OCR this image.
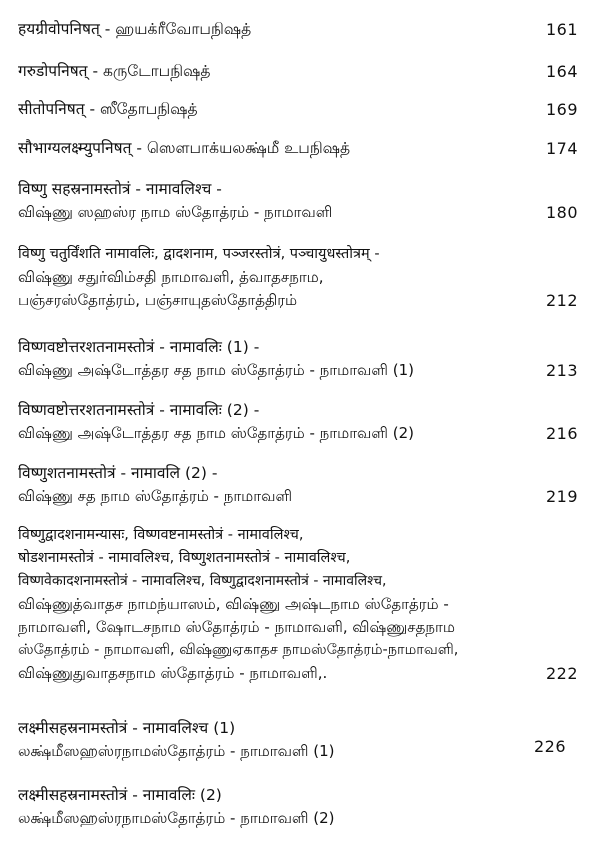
हयग्रीवोपनिषत् - ஹயக்ரீவோபநிஷத்	161
गरुडोपनिषत् - கருடோபநிஷத்	164
सीतोपनिषत् - ஸீதோபநிஷத்	169
सौभाग्यलक्ष्म्युपनिषत् - ஸௌபாக்யலக்ஷ்மீ உபநிஷத்	174
विष्णु सहस्रनामस्तोत्रं - नामावलिश्च -
விஷ்ணு ஸஹஸ்ர நாம ஸ்தோத்ரம் - நாமாவளி	180
विष्णु चतुर्विंशति नामावलिः, द्वादशनाम, पञ्जरस्तोत्रं, पञ्चायुधस्तोत्रम् -
விஷ்ணு சதுர்விம்சதி நாமாவளி, த்வாதசநாம,
பஞ்சரஸ்தோத்ரம், பஞ்சாயுதஸ்தோத்திரம்	212
विष्णवष्टोत्तरशतनामस्तोत्रं - नामावलिः (1) -
விஷ்ணு அஷ்டோத்தர சத நாம ஸ்தோத்ரம் - நாமாவளி (1)	213
विष्णवष्टोत्तरशतनामस्तोत्रं - नामावलिः (2) -
விஷ்ணு அஷ்டோத்தர சத நாம ஸ்தோத்ரம் - நாமாவளி (2)	216
विष्णुशतनामस्तोत्रं - नामावलि (2) -
விஷ்ணு சத நாம ஸ்தோத்ரம் - நாமாவளி	219
विष्णुद्वादशनामन्यासः, विष्णवष्टनामस्तोत्रं - नामावलिश्च,
षोडशनामस्तोत्रं - नामावलिश्च, विष्णुशतनामस्तोत्रं - नामावलिश्च,
विष्णवेकादशनामस्तोत्रं - नामावलिश्च, विष्णुद्वादशनामस्तोत्रं - नामावलिश्च,
விஷ்ணுத்வாதச நாமந்யாஸம், விஷ்ணு அஷ்டநாம ஸ்தோத்ரம் -
நாமாவளி, ஷோடசநாம ஸ்தோத்ரம் - நாமாவளி, விஷ்ணுசதநாம
ஸ்தோத்ரம் - நாமாவளி, விஷ்ணுஏகாதச நாமஸ்தோத்ரம்-நாமாவளி,
விஷ்ணுதுவாதசநாம ஸ்தோத்ரம் - நாமாவளி,.	222
लक्ष्मीसहस्रनामस्तोत्रं - नामावलिश्च (1)
லக்ஷ்மீஸஹஸ்ரநாமஸ்தோத்ரம் - நாமாவளி (1)	226
लक्ष्मीसहस्रनामस्तोत्रं - नामावलिः (2)
லக்ஷ்மீஸஹஸ்ரநாமஸ்தோத்ரம் - நாமாவளி (2)
